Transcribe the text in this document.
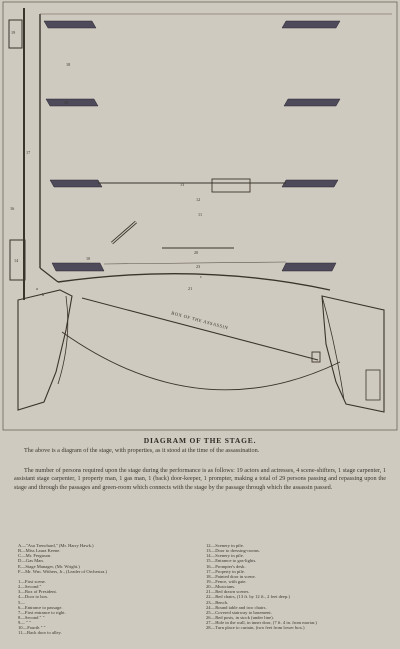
BOX OF THE ASSASSIN
19
18
17
16
15
14
13
12
11
10
20
21
23
a
b
c
DIAGRAM OF THE STAGE.
The above is a diagram of the stage, with properties, as it stood at the time of the assassination.
The number of persons required upon the stage during the performance is as follows: 19 actors and actresses, 4 scene-shifters, 1 stage carpenter, 1 assistant stage carpenter, 1 property man, 1 gas man, 1 (back) door-keeper, 1 prompter, making a total of 29 persons passing and repassing upon the stage and through the passages and green-room which connects with the stage by the passage through which the assassin passed.
A—"Asa Trenchard," (Mr. Harry Hawk.)
B—Miss Laura Keene.
C—Mr. Ferguson.
D—Gas Man.
E—Stage Manager, (Mr. Wright.)
F—Mr. Wm. Withers, Jr., (Leader of Orchestra.)
1—First scene.
2—Second "
3—Box of President.
4—Door to box.
5—
6—Entrance to passage.
7—First entrance to right.
8—Second " "
9— " "
10—Fourth " "
11—Back door to alley.
12—Scenery in pile.
13—Door to dressing-rooms.
14—Scenery in pile.
15—Entrance to gas-lights.
16—Prompter's desk.
17—Property in pile.
18—Painted door in scene.
19—Fence, with gate.
20—Musicians.
21—Red drawn scenes.
22—Red chairs, (13 ft. by 12 ft., 2 feet deep.)
23—Bench.
24—Round table and two chairs.
25—Covered stairway to basement.
26—Red posts, in stock (under line).
27—Hole in the wall, in inner door, (7 ft. 4 in. from mortar.)
28—Turn place to curtain, (two feet from lower box.)
